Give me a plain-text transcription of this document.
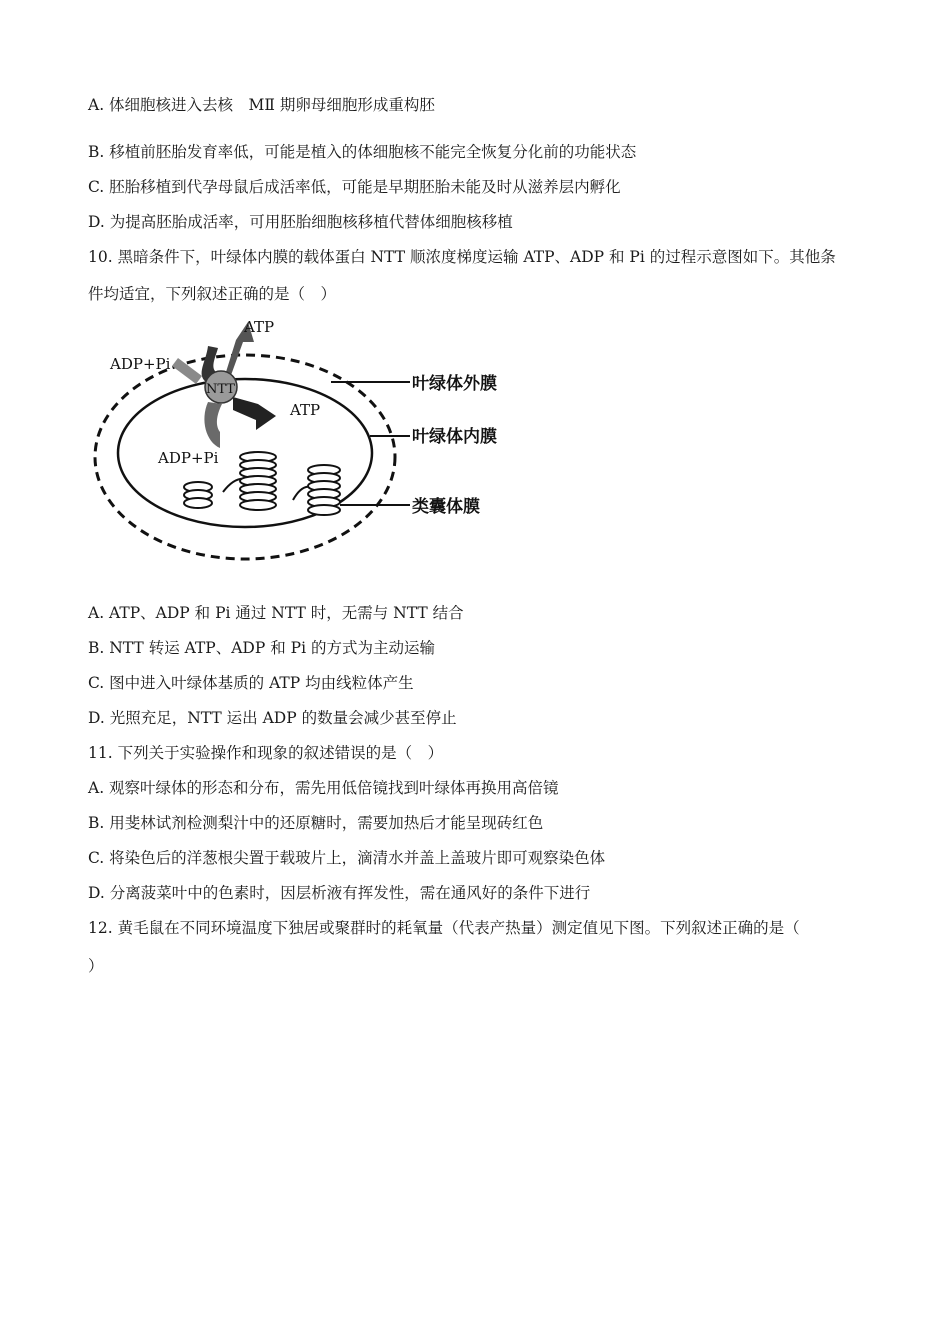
A. 体细胞核进入去核　MⅡ 期卵母细胞形成重构胚
B. 移植前胚胎发育率低，可能是植入的体细胞核不能完全恢复分化前的功能状态
C. 胚胎移植到代孕母鼠后成活率低，可能是早期胚胎未能及时从滋养层内孵化
D. 为提高胚胎成活率，可用胚胎细胞核移植代替体细胞核移植
10. 黑暗条件下，叶绿体内膜的载体蛋白 NTT 顺浓度梯度运输 ATP、ADP 和 Pi 的过程示意图如下。其他条
件均适宜，下列叙述正确的是（　）
ATP
ADP+Pi
NTT
ATP
ADP+Pi
叶绿体外膜
叶绿体内膜
类囊体膜
A. ATP、ADP 和 Pi 通过 NTT 时，无需与 NTT 结合
B. NTT 转运 ATP、ADP 和 Pi 的方式为主动运输
C. 图中进入叶绿体基质的 ATP 均由线粒体产生
D. 光照充足，NTT 运出 ADP 的数量会减少甚至停止
11. 下列关于实验操作和现象的叙述错误的是（　）
A. 观察叶绿体的形态和分布，需先用低倍镜找到叶绿体再换用高倍镜
B. 用斐林试剂检测梨汁中的还原糖时，需要加热后才能呈现砖红色
C. 将染色后的洋葱根尖置于载玻片上，滴清水并盖上盖玻片即可观察染色体
D. 分离菠菜叶中的色素时，因层析液有挥发性，需在通风好的条件下进行
12. 黄毛鼠在不同环境温度下独居或聚群时的耗氧量（代表产热量）测定值见下图。下列叙述正确的是（
）
